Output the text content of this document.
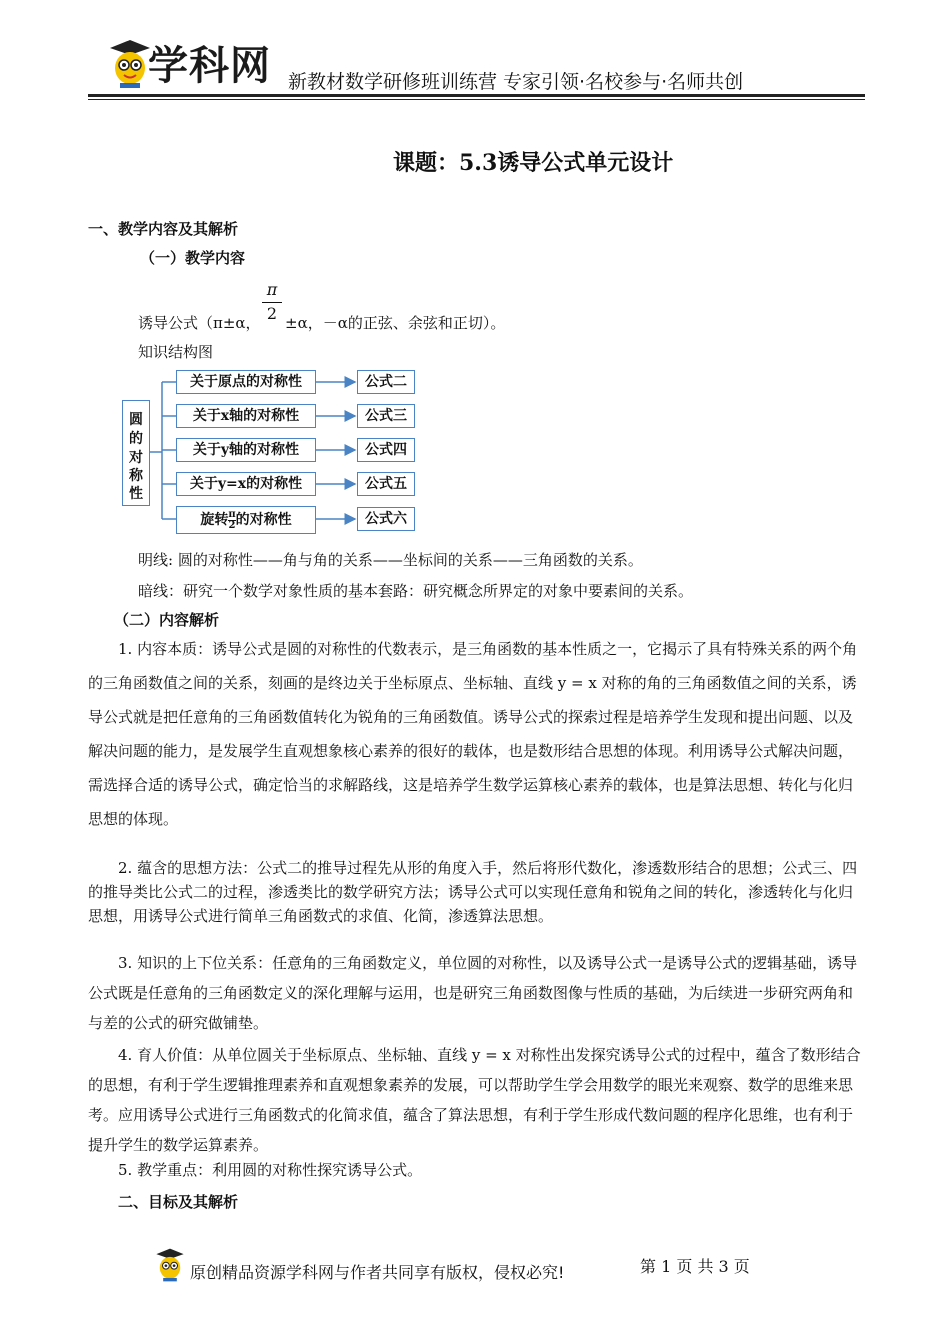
学科网 新教材数学研修班训练营 专家引领·名校参与·名师共创
课题：5.3诱导公式单元设计
一、教学内容及其解析
（一）教学内容
诱导公式（π±α，
π
2 ±α，－α的正弦、余弦和正切）。
知识结构图
圆
的
对
称
性
关于原点的对称性
关于x轴的对称性
关于y轴的对称性
关于y=x的对称性
旋转 $\frac{\pi}{2}$ 的对称性
公式二
公式三
公式四
公式五
公式六
明线: 圆的对称性——角与角的关系——坐标间的关系——三角函数的关系。
暗线：研究一个数学对象性质的基本套路：研究概念所界定的对象中要素间的关系。
（二）内容解析
1. 内容本质：诱导公式是圆的对称性的代数表示，是三角函数的基本性质之一，它揭示了具有特殊关系的两个角的三角函数值之间的关系，刻画的是终边关于坐标原点、坐标轴、直线 y = x 对称的角的三角函数值之间的关系，诱导公式就是把任意角的三角函数值转化为锐角的三角函数值。诱导公式的探索过程是培养学生发现和提出问题、以及解决问题的能力，是发展学生直观想象核心素养的很好的载体，也是数形结合思想的体现。利用诱导公式解决问题，需选择合适的诱导公式，确定恰当的求解路线，这是培养学生数学运算核心素养的载体，也是算法思想、转化与化归思想的体现。
2. 蕴含的思想方法：公式二的推导过程先从形的角度入手，然后将形代数化，渗透数形结合的思想；公式三、四的推导类比公式二的过程，渗透类比的数学研究方法；诱导公式可以实现任意角和锐角之间的转化，渗透转化与化归思想，用诱导公式进行简单三角函数式的求值、化简，渗透算法思想。
3. 知识的上下位关系：任意角的三角函数定义，单位圆的对称性，以及诱导公式一是诱导公式的逻辑基础，诱导公式既是任意角的三角函数定义的深化理解与运用，也是研究三角函数图像与性质的基础，为后续进一步研究两角和与差的公式的研究做铺垫。
4. 育人价值：从单位圆关于坐标原点、坐标轴、直线 y = x 对称性出发探究诱导公式的过程中，蕴含了数形结合的思想，有利于学生逻辑推理素养和直观想象素养的发展，可以帮助学生学会用数学的眼光来观察、数学的思维来思考。应用诱导公式进行三角函数式的化简求值，蕴含了算法思想，有利于学生形成代数问题的程序化思维，也有利于提升学生的数学运算素养。
5. 教学重点：利用圆的对称性探究诱导公式。
二、目标及其解析
原创精品资源学科网与作者共同享有版权，侵权必究!	第 1 页 共 3 页
